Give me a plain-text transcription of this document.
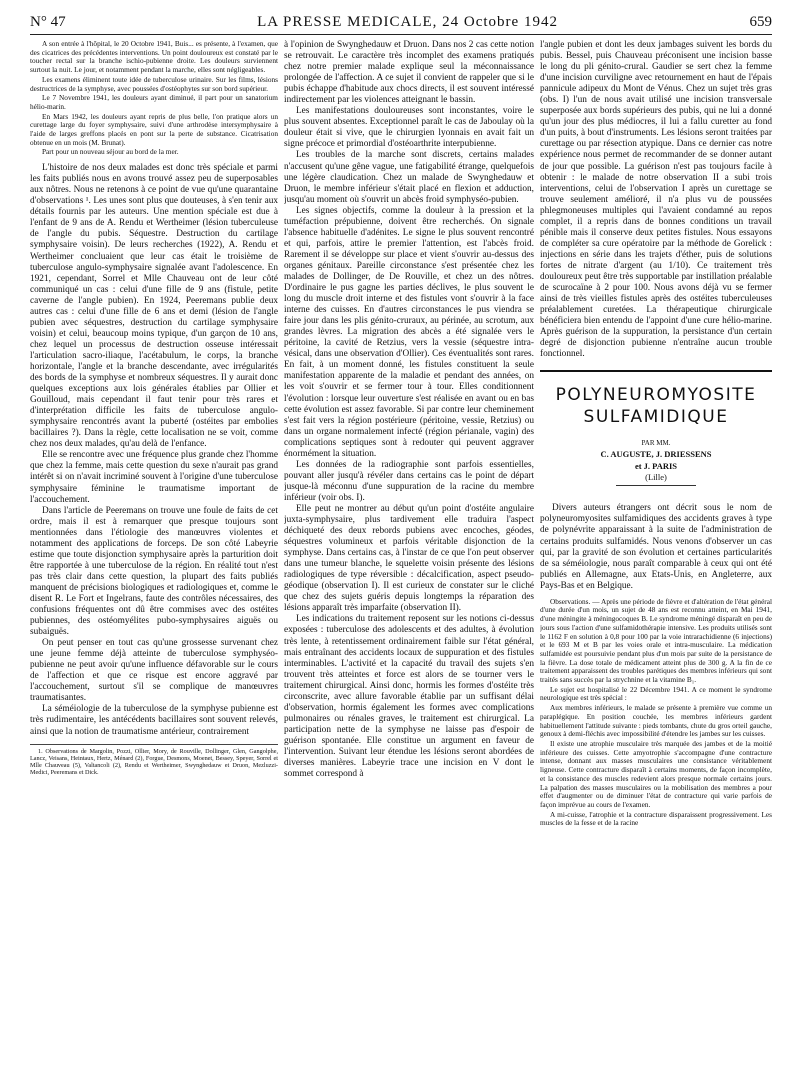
N° 47	LA PRESSE MEDICALE, 24 Octobre 1942	659

A son entrée à l'hôpital, le 20 Octobre 1941, Buis... es présente, à l'examen, que des cicatrices des précédentes interventions. Un point douloureux est constaté par le toucher rectal sur la branche ischio-pubienne droite. Les douleurs surviennent surtout la nuit. Le jour, et notamment pendant la marche, elles sont négligeables.

Les examens éliminent toute idée de tuberculose urinaire. Sur les films, lésions destructrices de la symphyse, avec poussées d'ostéophytes sur son bord supérieur.

Le 7 Novembre 1941, les douleurs ayant diminué, il part pour un sanatorium hélio-marin.

En Mars 1942, les douleurs ayant repris de plus belle, l'on pratique alors un curettage large du foyer symphysaire, suivi d'une arthrodèse intersymphysaire à l'aide de larges greffons placés en pont sur la perte de substance. Cicatrisation obtenue en un mois (M. Brunat).

Part pour un nouveau séjour au bord de la mer.

L'histoire de nos deux malades est donc très spéciale et parmi les faits publiés nous en avons trouvé assez peu de superposables aux nôtres. Nous ne retenons à ce point de vue qu'une quarantaine d'observations ¹. Les unes sont plus que douteuses, à s'en tenir aux détails fournis par les auteurs. Une mention spéciale est due à l'enfant de 9 ans de A. Rendu et Wertheimer (lésion tuberculeuse de l'angle du pubis. Séquestre. Destruction du cartilage symphysaire voisin). De leurs recherches (1922), A. Rendu et Wertheimer concluaient que leur cas était le troisième de tuberculose angulo-symphysaire signalée avant l'adolescence. En 1921, cependant, Sorrel et Mlle Chauveau ont de leur côté communiqué un cas : celui d'une fille de 9 ans (fistule, petite caverne de l'angle pubien). En 1924, Peeremans publie deux autres cas : celui d'une fille de 6 ans et demi (lésion de l'angle pubien avec séquestres, destruction du cartilage symphysaire voisin) et celui, beaucoup moins typique, d'un garçon de 10 ans, chez lequel un processus de destruction osseuse intéressait l'articulation sacro-iliaque, l'acétabulum, le corps, la branche horizontale, l'angle et la branche descendante, avec irrégularités des bords de la symphyse et nombreux séquestres. Il y aurait donc quelques exceptions aux lois générales établies par Ollier et Gouilloud, mais cependant il faut tenir pour très rares et d'interprétation difficile les faits de tuberculose angulo-symphysaire rencontrés avant la puberté (ostéites par embolies bacillaires ?). Dans la règle, cette localisation ne se voit, comme chez nos deux malades, qu'au delà de l'enfance.

Elle se rencontre avec une fréquence plus grande chez l'homme que chez la femme, mais cette question du sexe n'aurait pas grand intérêt si on n'avait incriminé souvent à l'origine d'une tuberculose symphysaire féminine le traumatisme important de l'accouchement.

Dans l'article de Peeremans on trouve une foule de faits de cet ordre, mais il est à remarquer que presque toujours sont mentionnées dans l'étiologie des manœuvres violentes et notamment des applications de forceps. De son côté Labeyrie estime que toute disjonction symphysaire après la parturition doit être rapportée à une tuberculose de la région. En réalité tout n'est pas très clair dans cette question, la plupart des faits publiés manquent de précisions biologiques et radiologiques et, comme le disent R. Le Fort et Ingelrans, faute des contrôles nécessaires, des confusions fréquentes ont dû être commises avec des ostéites pubiennes, des ostéomyélites pubo-symphysaires aiguës ou subaiguës.

On peut penser en tout cas qu'une grossesse survenant chez une jeune femme déjà atteinte de tuberculose symphyséo-pubienne ne peut avoir qu'une influence défavorable sur le cours de l'affection et que ce risque est encore aggravé par l'accouchement, surtout s'il se complique de manœuvres traumatisantes.

La séméiologie de la tuberculose de la symphyse pubienne est très rudimentaire, les antécédents bacillaires sont souvent relevés, ainsi que la notion de traumatisme antérieur, contrairement

1. Observations de Margolin, Pozzi, Ollier, Mory, de Rouville, Dollinger, Glen, Gangolphe, Lancz, Veisans, Heintaux, Hertz, Ménard (2), Forgue, Desmons, Moenet, Bessey, Speyer, Sorrel et Mlle Chauveau (5), Valtancoli (2), Rendu et Wertheimer, Swynghedauw et Druon, Mezluzzi-Medici, Peeremans et Dick.

à l'opinion de Swynghedauw et Druon. Dans nos 2 cas cette notion se retrouvait. Le caractère très incomplet des examens pratiqués chez notre premier malade explique seul la méconnaissance prolongée de l'affection. A ce sujet il convient de rappeler que si le pubis échappe d'habitude aux chocs directs, il est souvent intéressé indirectement par les violences atteignant le bassin.

Les manifestations douloureuses sont inconstantes, voire le plus souvent absentes. Exceptionnel paraît le cas de Jaboulay où la douleur était si vive, que le chirurgien lyonnais en avait fait un signe précoce et primordial d'ostéoarthrite interpubienne.

Les troubles de la marche sont discrets, certains malades n'accusent qu'une gêne vague, une fatigabilité étrange, quelquefois une légère claudication. Chez un malade de Swynghedauw et Druon, le membre inférieur s'était placé en flexion et adduction, jusqu'au moment où s'ouvrit un abcès froid symphyséo-pubien.

Les signes objectifs, comme la douleur à la pression et la tuméfaction prépubienne, doivent être recherchés. On signale l'absence habituelle d'adénites. Le signe le plus souvent rencontré et qui, parfois, attire le premier l'attention, est l'abcès froid. Rarement il se développe sur place et vient s'ouvrir au-dessus des organes génitaux. Pareille circonstance s'est présentée chez les malades de Dollinger, de De Rouville, et chez un des nôtres. D'ordinaire le pus gagne les parties déclives, le plus souvent le long du muscle droit interne et des fistules vont s'ouvrir à la face interne des cuisses. En d'autres circonstances le pus viendra se faire jour dans les plis génito-cruraux, au périnée, au scrotum, aux grandes lèvres. La migration des abcès a été signalée vers le péritoine, la cavité de Retzius, vers la vessie (séquestre intra-vésical, dans une observation d'Ollier). Ces éventualités sont rares. En fait, à un moment donné, les fistules constituent la seule manifestation apparente de la maladie et pendant des années, on les voit s'ouvrir et se fermer tour à tour. Elles conditionnent l'évolution : lorsque leur ouverture s'est réalisée en avant ou en bas cette évolution est assez favorable. Si par contre leur cheminement s'est fait vers la région postérieure (péritoine, vessie, Retzius) ou dans un organe normalement infecté (région périanale, vagin) des complications septiques sont à redouter qui peuvent aggraver énormément la situation.

Les données de la radiographie sont parfois essentielles, pouvant aller jusqu'à révéler dans certains cas le point de départ jusque-là méconnu d'une suppuration de la racine du membre inférieur (voir obs. I).

Elle peut ne montrer au début qu'un point d'ostéite angulaire juxta-symphysaire, plus tardivement elle traduira l'aspect déchiqueté des deux rebords pubiens avec encoches, géodes, séquestres volumineux et parfois véritable disjonction de la symphyse. Dans certains cas, à l'instar de ce que l'on peut observer dans une tumeur blanche, le squelette voisin présente des lésions radiologiques de type réversible : décalcification, aspect pseudo-géodique (observation I). Il est curieux de constater sur le cliché que chez des sujets guéris depuis longtemps la réparation des lésions apparaît très imparfaite (observation II).

Les indications du traitement reposent sur les notions ci-dessus exposées : tuberculose des adolescents et des adultes, à évolution très lente, à retentissement ordinairement faible sur l'état général, mais entraînant des accidents locaux de suppuration et des fistules interminables. L'activité et la capacité du travail des sujets s'en trouvent très atteintes et force est alors de se tourner vers le traitement chirurgical. Ainsi donc, hormis les formes d'ostéite très circonscrite, avec allure favorable établie par un suffisant délai d'observation, hormis également les formes avec complications pulmonaires ou rénales graves, le traitement est chirurgical. La participation nette de la symphyse ne laisse pas d'espoir de guérison spontanée. Elle constitue un argument en faveur de l'intervention. Suivant leur étendue les lésions seront abordées de diverses manières. Labeyrie trace une incision en V dont le sommet correspond à

l'angle pubien et dont les deux jambages suivent les bords du pubis. Bessel, puis Chauveau préconisent une incision basse le long du pli génito-crural. Gaudier se sert chez la femme d'une incision curviligne avec retournement en haut de l'épais pannicule adipeux du Mont de Vénus. Chez un sujet très gras (obs. I) l'un de nous avait utilisé une incision transversale superposée aux bords supérieurs des pubis, qui ne lui a donné qu'un jour des plus médiocres, il lui a fallu curetter au fond d'un puits, à bout d'instruments. Les lésions seront traitées par curettage ou par résection atypique. Dans ce dernier cas notre expérience nous permet de recommander de se donner autant de jour que possible. La guérison n'est pas toujours facile à obtenir : le malade de notre observation II a subi trois interventions, celui de l'observation I après un curettage se trouve seulement amélioré, il n'a plus vu de poussées phlegmoneuses multiples qui l'avaient condamné au repos complet, il a repris dans de bonnes conditions un travail pénible mais il conserve deux petites fistules. Nous essayons de compléter sa cure opératoire par la méthode de Gorelick : injections en série dans les trajets d'éther, puis de solutions fortes de nitrate d'argent (au 1/10). Ce traitement très douloureux peut être très supportable par instillation préalable de scurocaïne à 2 pour 100. Nous avons déjà vu se fermer ainsi de très vieilles fistules après des ostéites tuberculeuses préalablement curetées. La thérapeutique chirurgicale bénéficiera bien entendu de l'appoint d'une cure hélio-marine. Après guérison de la suppuration, la persistance d'un certain degré de disjonction pubienne n'entraîne aucun trouble fonctionnel.

POLYNEUROMYOSITE
SULFAMIDIQUE
PAR MM.
C. AUGUSTE, J. DRIESSENS
et J. PARIS
(Lille)

Divers auteurs étrangers ont décrit sous le nom de polyneuromyosites sulfamidiques des accidents graves à type de polynévrite apparaissant à la suite de l'administration de certains produits sulfamidés. Nous venons d'observer un cas qui, par la gravité de son évolution et certaines particularités de sa séméiologie, nous paraît comparable à ceux qui ont été publiés en Allemagne, aux Etats-Unis, en Angleterre, aux Pays-Bas et en Belgique.

Observations. — Après une période de fièvre et d'altération de l'état général d'une durée d'un mois, un sujet de 48 ans est reconnu atteint, en Mai 1941, d'une méningite à méningocoques B. Le syndrome méningé disparaît en peu de jours sous l'action d'une sulfamidothérapie intensive. Les produits utilisés sont le 1162 F en solution à 0,8 pour 100 par la voie intrarachidienne (6 injections) et le 693 M et B par les voies orale et intra-musculaire. La médication sulfamidée est poursuivie pendant plus d'un mois par suite de la persistance de la fièvre. La dose totale de médicament atteint plus de 300 g. A la fin de ce traitement apparaissent des troubles parétiques des membres inférieurs qui sont traités sans succès par la strychnine et la vitamine B₁.

Le sujet est hospitalisé le 22 Décembre 1941. A ce moment le syndrome neurologique est très spécial :

Aux membres inférieurs, le malade se présente à première vue comme un paraplégique. En position couchée, les membres inférieurs gardent habituellement l'attitude suivante : pieds tombants, chute du gros orteil gauche, genoux à demi-fléchis avec impossibilité d'étendre les jambes sur les cuisses.

Il existe une atrophie musculaire très marquée des jambes et de la moitié inférieure des cuisses. Cette amyotrophie s'accompagne d'une contracture intense, donnant aux masses musculaires une consistance véritablement ligneuse. Cette contracture disparaît à certains moments, de façon incomplète, et la consistance des muscles redevient alors presque normale certains jours. La palpation des masses musculaires ou la mobilisation des membres a pour effet d'augmenter ou de diminuer l'état de contracture qui varie parfois de façon imprévue au cours de l'examen.

A mi-cuisse, l'atrophie et la contracture disparaissent progressivement. Les muscles de la fesse et de la racine
